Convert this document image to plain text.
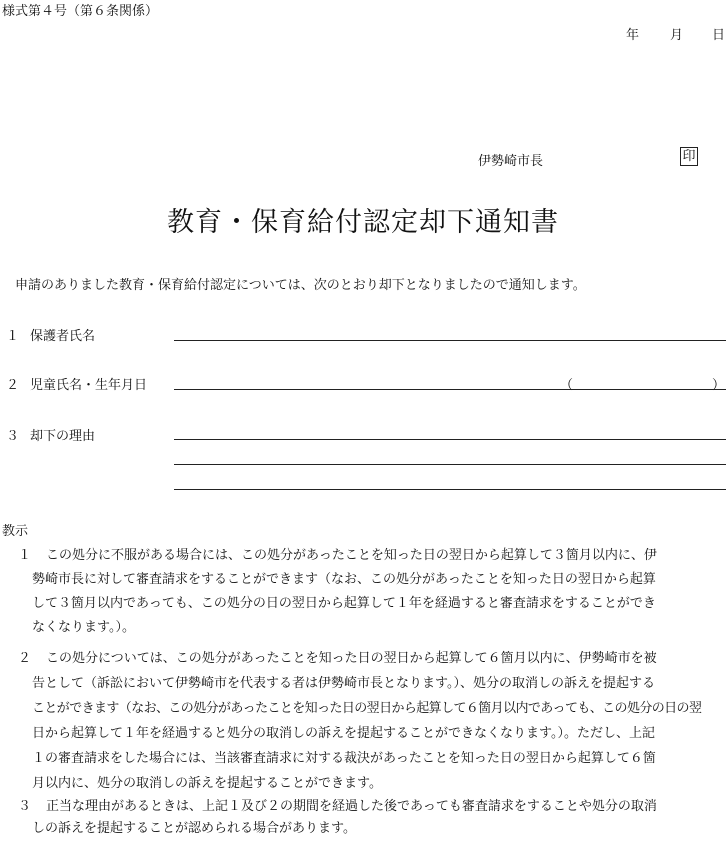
様式第４号（第６条関係）
年 月 日
伊勢崎市長	印
教育・保育給付認定却下通知書
申請のありました教育・保育給付認定については、次のとおり却下となりましたので通知します。
１ 保護者氏名
２ 児童氏名・生年月日	（	）
３ 却下の理由
教示
１ この処分に不服がある場合には、この処分があったことを知った日の翌日から起算して３箇月以内に、伊
勢崎市長に対して審査請求をすることができます（なお、この処分があったことを知った日の翌日から起算
して３箇月以内であっても、この処分の日の翌日から起算して１年を経過すると審査請求をすることができ
なくなります。）。
２ この処分については、この処分があったことを知った日の翌日から起算して６箇月以内に、伊勢崎市を被
告として（訴訟において伊勢崎市を代表する者は伊勢崎市長となります。）、処分の取消しの訴えを提起する
ことができます（なお、この処分があったことを知った日の翌日から起算して６箇月以内であっても、この処分の日の翌
日から起算して１年を経過すると処分の取消しの訴えを提起することができなくなります。）。ただし、上記
１の審査請求をした場合には、当該審査請求に対する裁決があったことを知った日の翌日から起算して６箇
月以内に、処分の取消しの訴えを提起することができます。
３ 正当な理由があるときは、上記１及び２の期間を経過した後であっても審査請求をすることや処分の取消
しの訴えを提起することが認められる場合があります。
